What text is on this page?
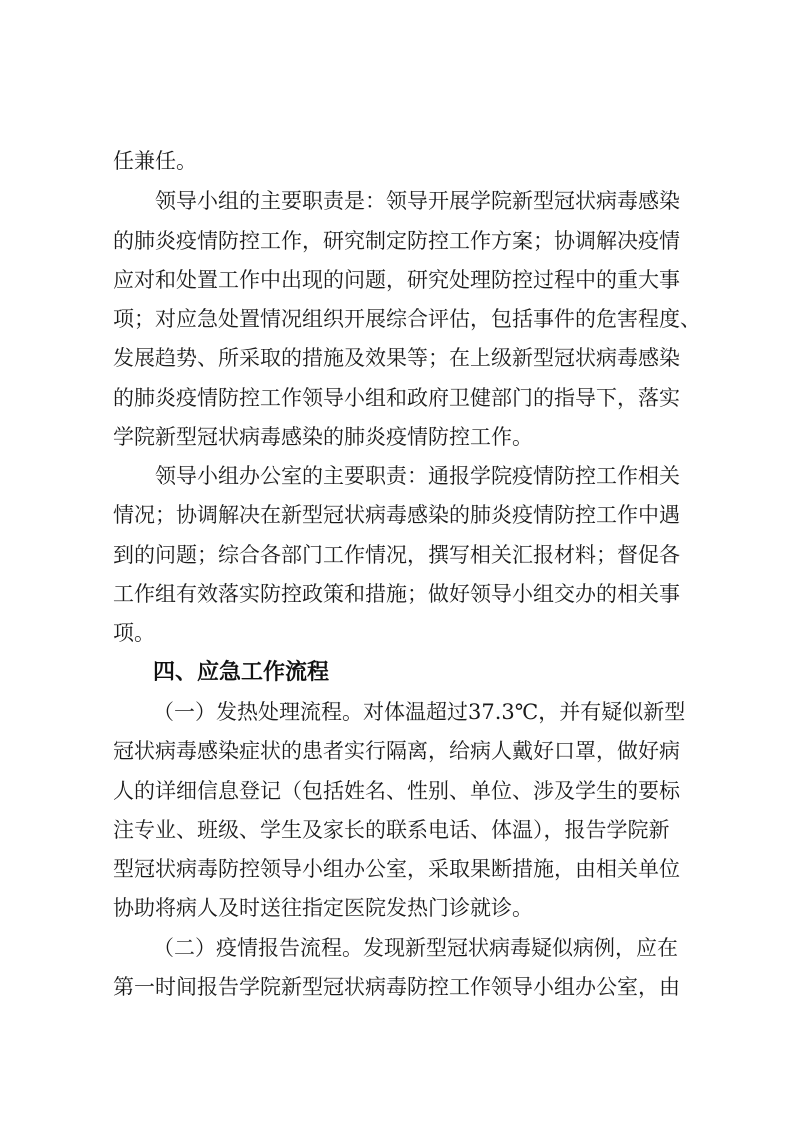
任兼任。
领导小组的主要职责是：领导开展学院新型冠状病毒感染
的肺炎疫情防控工作，研究制定防控工作方案；协调解决疫情
应对和处置工作中出现的问题，研究处理防控过程中的重大事
项；对应急处置情况组织开展综合评估，包括事件的危害程度、
发展趋势、所采取的措施及效果等；在上级新型冠状病毒感染
的肺炎疫情防控工作领导小组和政府卫健部门的指导下，落实
学院新型冠状病毒感染的肺炎疫情防控工作。
领导小组办公室的主要职责：通报学院疫情防控工作相关
情况；协调解决在新型冠状病毒感染的肺炎疫情防控工作中遇
到的问题；综合各部门工作情况，撰写相关汇报材料；督促各
工作组有效落实防控政策和措施；做好领导小组交办的相关事
项。
四、应急工作流程
（一）发热处理流程。对体温超过37.3℃，并有疑似新型
冠状病毒感染症状的患者实行隔离，给病人戴好口罩，做好病
人的详细信息登记（包括姓名、性别、单位、涉及学生的要标
注专业、班级、学生及家长的联系电话、体温），报告学院新
型冠状病毒防控领导小组办公室，采取果断措施，由相关单位
协助将病人及时送往指定医院发热门诊就诊。
（二）疫情报告流程。发现新型冠状病毒疑似病例，应在
第一时间报告学院新型冠状病毒防控工作领导小组办公室，由
